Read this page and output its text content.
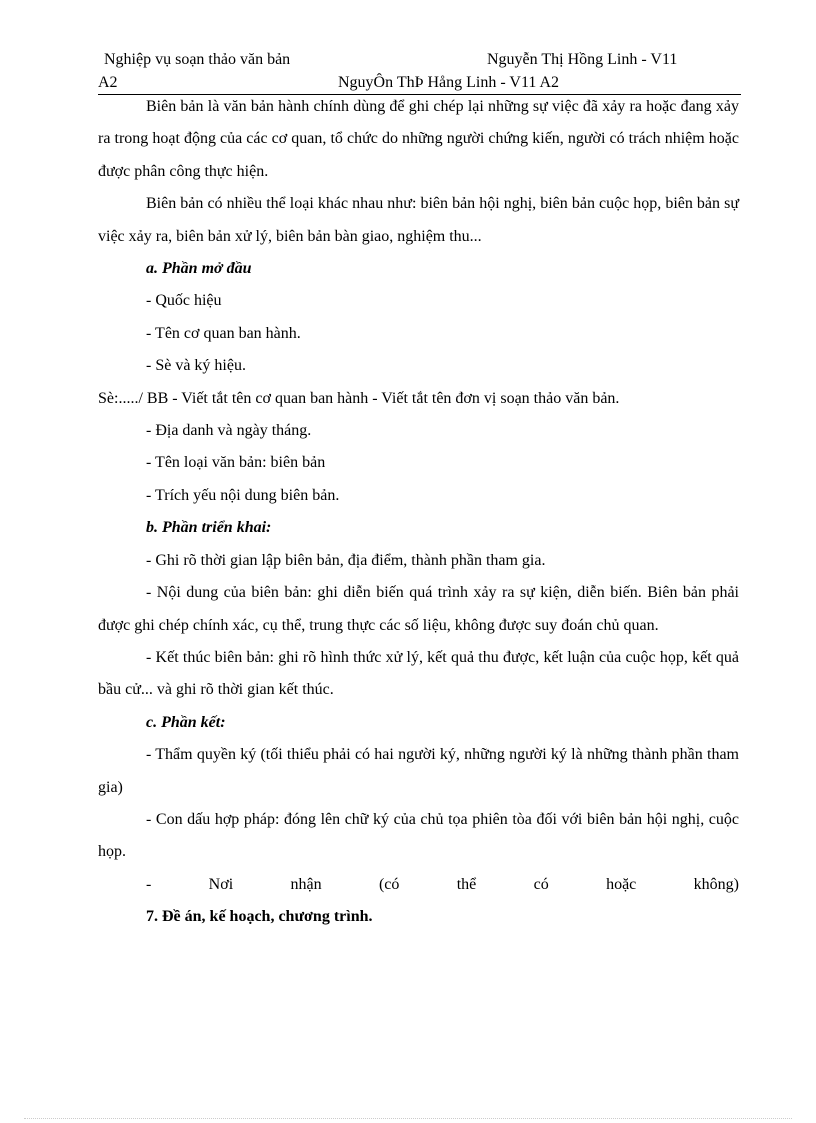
Nghiệp vụ soạn thảo văn bản	Nguyễn Thị Hồng Linh - V11
A2	NguyÔn ThÞ Hång Linh - V11 A2

Biên bản là văn bản hành chính dùng để ghi chép lại những sự việc đã xảy ra hoặc đang xảy ra trong hoạt động của các cơ quan, tổ chức do những người chứng kiến, người có trách nhiệm hoặc được phân công thực hiện.

Biên bản có nhiều thể loại khác nhau như: biên bản hội nghị, biên bản cuộc họp, biên bản sự việc xảy ra, biên bản xử lý, biên bản bàn giao, nghiệm thu...

a. Phần mở đầu

- Quốc hiệu

- Tên cơ quan ban hành.

- Sè và ký hiệu.

Sè:...../ BB - Viết tắt tên cơ quan ban hành - Viết tắt tên đơn vị soạn thảo văn bản.

- Địa danh và ngày tháng.

- Tên loại văn bản: biên bản

- Trích yếu nội dung biên bản.

b. Phần triển khai:

- Ghi rõ thời gian lập biên bản, địa điểm, thành phần tham gia.

- Nội dung của biên bản: ghi diễn biến quá trình xảy ra sự kiện, diễn biến. Biên bản phải được ghi chép chính xác, cụ thể, trung thực các số liệu, không được suy đoán chủ quan.

- Kết thúc biên bản: ghi rõ hình thức xử lý, kết quả thu được, kết luận của cuộc họp, kết quả bầu cử... và ghi rõ thời gian kết thúc.

c. Phần kết:

- Thẩm quyền ký (tối thiểu phải có hai người ký, những người ký là những thành phần tham gia)

- Con dấu hợp pháp: đóng lên chữ ký của chủ tọa phiên tòa đối với biên bản hội nghị, cuộc họp.

-	Nơi	nhận	(có	thể	có	hoặc	không)

7. Đề án, kế hoạch, chương trình.
